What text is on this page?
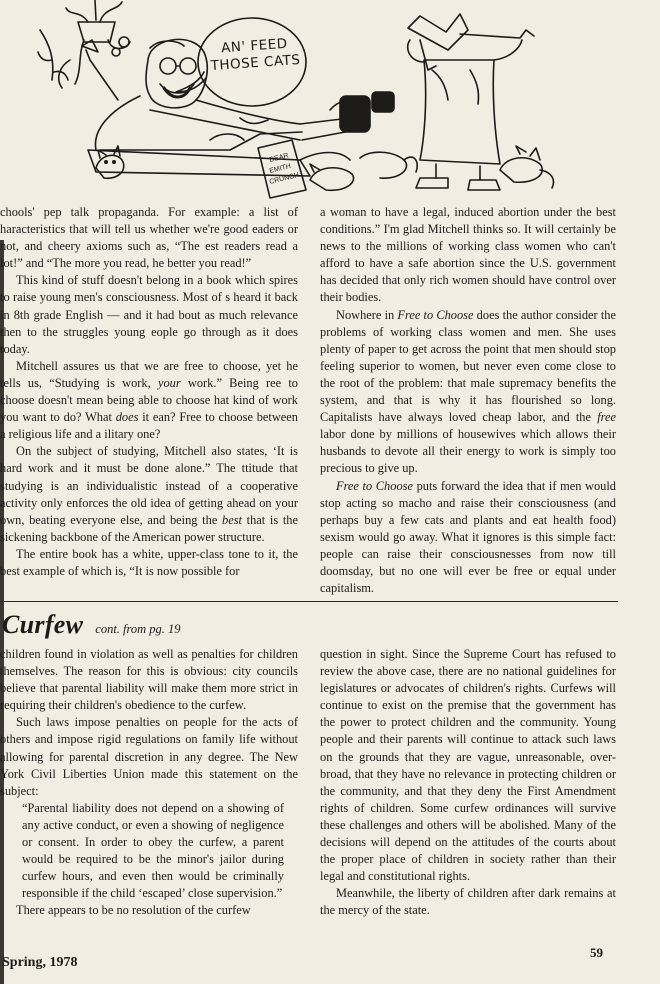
DEAR
EMITH
CRUNCH
AN' FEED
THOSE CATS

chools' pep talk propaganda. For example: a list of haracteristics that will tell us whether we're good eaders or not, and cheery axioms such as, “The est readers read a lot!” and “The more you read, he better you read!”

This kind of stuff doesn't belong in a book which spires to raise young men's consciousness. Most of s heard it back in 8th grade English — and it had bout as much relevance then to the struggles young eople go through as it does today.

Mitchell assures us that we are free to choose, yet he tells us, “Studying is work, your work.” Being ree to choose doesn't mean being able to choose hat kind of work you want to do? What does it ean? Free to choose between a religious life and a ilitary one?

On the subject of studying, Mitchell also states, ‘It is hard work and it must be done alone.” The ttitude that studying is an individualistic instead of a cooperative activity only enforces the old idea of getting ahead on your own, beating everyone else, and being the best that is the sickening backbone of the American power structure.

The entire book has a white, upper-class tone to it, the best example of which is, “It is now possible for

a woman to have a legal, induced abortion under the best conditions.” I'm glad Mitchell thinks so. It will certainly be news to the millions of working class women who can't afford to have a safe abortion since the U.S. government has decided that only rich women should have control over their bodies.

Nowhere in Free to Choose does the author consider the problems of working class women and men. She uses plenty of paper to get across the point that men should stop feeling superior to women, but never even come close to the root of the problem: that male supremacy benefits the system, and that is why it has flourished so long. Capitalists have always loved cheap labor, and the free labor done by millions of housewives which allows their husbands to devote all their energy to work is simply too precious to give up.

Free to Choose puts forward the idea that if men would stop acting so macho and raise their consciousness (and perhaps buy a few cats and plants and eat health food) sexism would go away. What it ignores is this simple fact: people can raise their consciousnesses from now till doomsday, but no one will ever be free or equal under capitalism.

Curfew cont. from pg. 19

children found in violation as well as penalties for children themselves. The reason for this is obvious: city councils believe that parental liability will make them more strict in requiring their children's obedience to the curfew.

Such laws impose penalties on people for the acts of others and impose rigid regulations on family life without allowing for parental discretion in any degree. The New York Civil Liberties Union made this statement on the subject:

“Parental liability does not depend on a showing of any active conduct, or even a showing of negligence or consent. In order to obey the curfew, a parent would be required to be the minor's jailor during curfew hours, and even then would be criminally responsible if the child ‘escaped’ close supervision.”

There appears to be no resolution of the curfew

question in sight. Since the Supreme Court has refused to review the above case, there are no national guidelines for legislatures or advocates of children's rights. Curfews will continue to exist on the premise that the government has the power to protect children and the community. Young people and their parents will continue to attack such laws on the grounds that they are vague, unreasonable, over-broad, that they have no relevance in protecting children or the community, and that they deny the First Amendment rights of children. Some curfew ordinances will survive these challenges and others will be abolished. Many of the decisions will depend on the attitudes of the courts about the proper place of children in society rather than their legal and constitutional rights.

Meanwhile, the liberty of children after dark remains at the mercy of the state.

Spring, 1978
59
